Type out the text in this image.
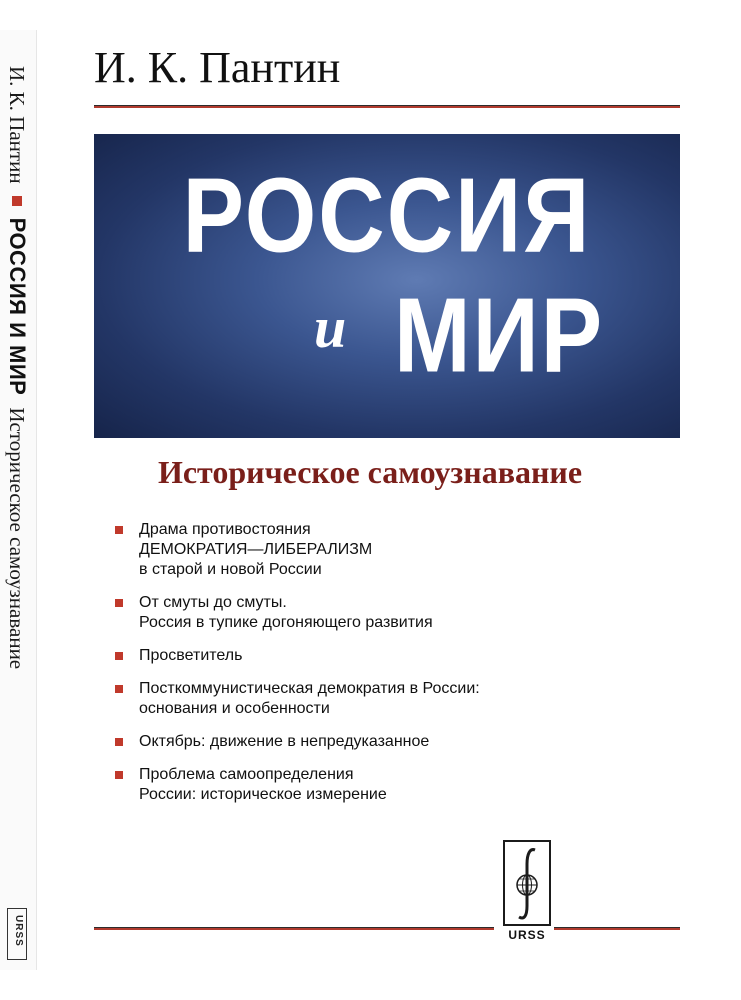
И. К. Пантин
РОССИЯ И МИР
Историческое самоузнавание
URSS
И. К. Пантин
РОССИЯ
и МИР
Историческое самоузнавание
Драма противостояния
ДЕМОКРАТИЯ—ЛИБЕРАЛИЗМ
в старой и новой России
От смуты до смуты.
Россия в тупике догоняющего развития
Просветитель
Посткоммунистическая демократия в России:
основания и особенности
Октябрь: движение в непредуказанное
Проблема самоопределения
России: историческое измерение
URSS
